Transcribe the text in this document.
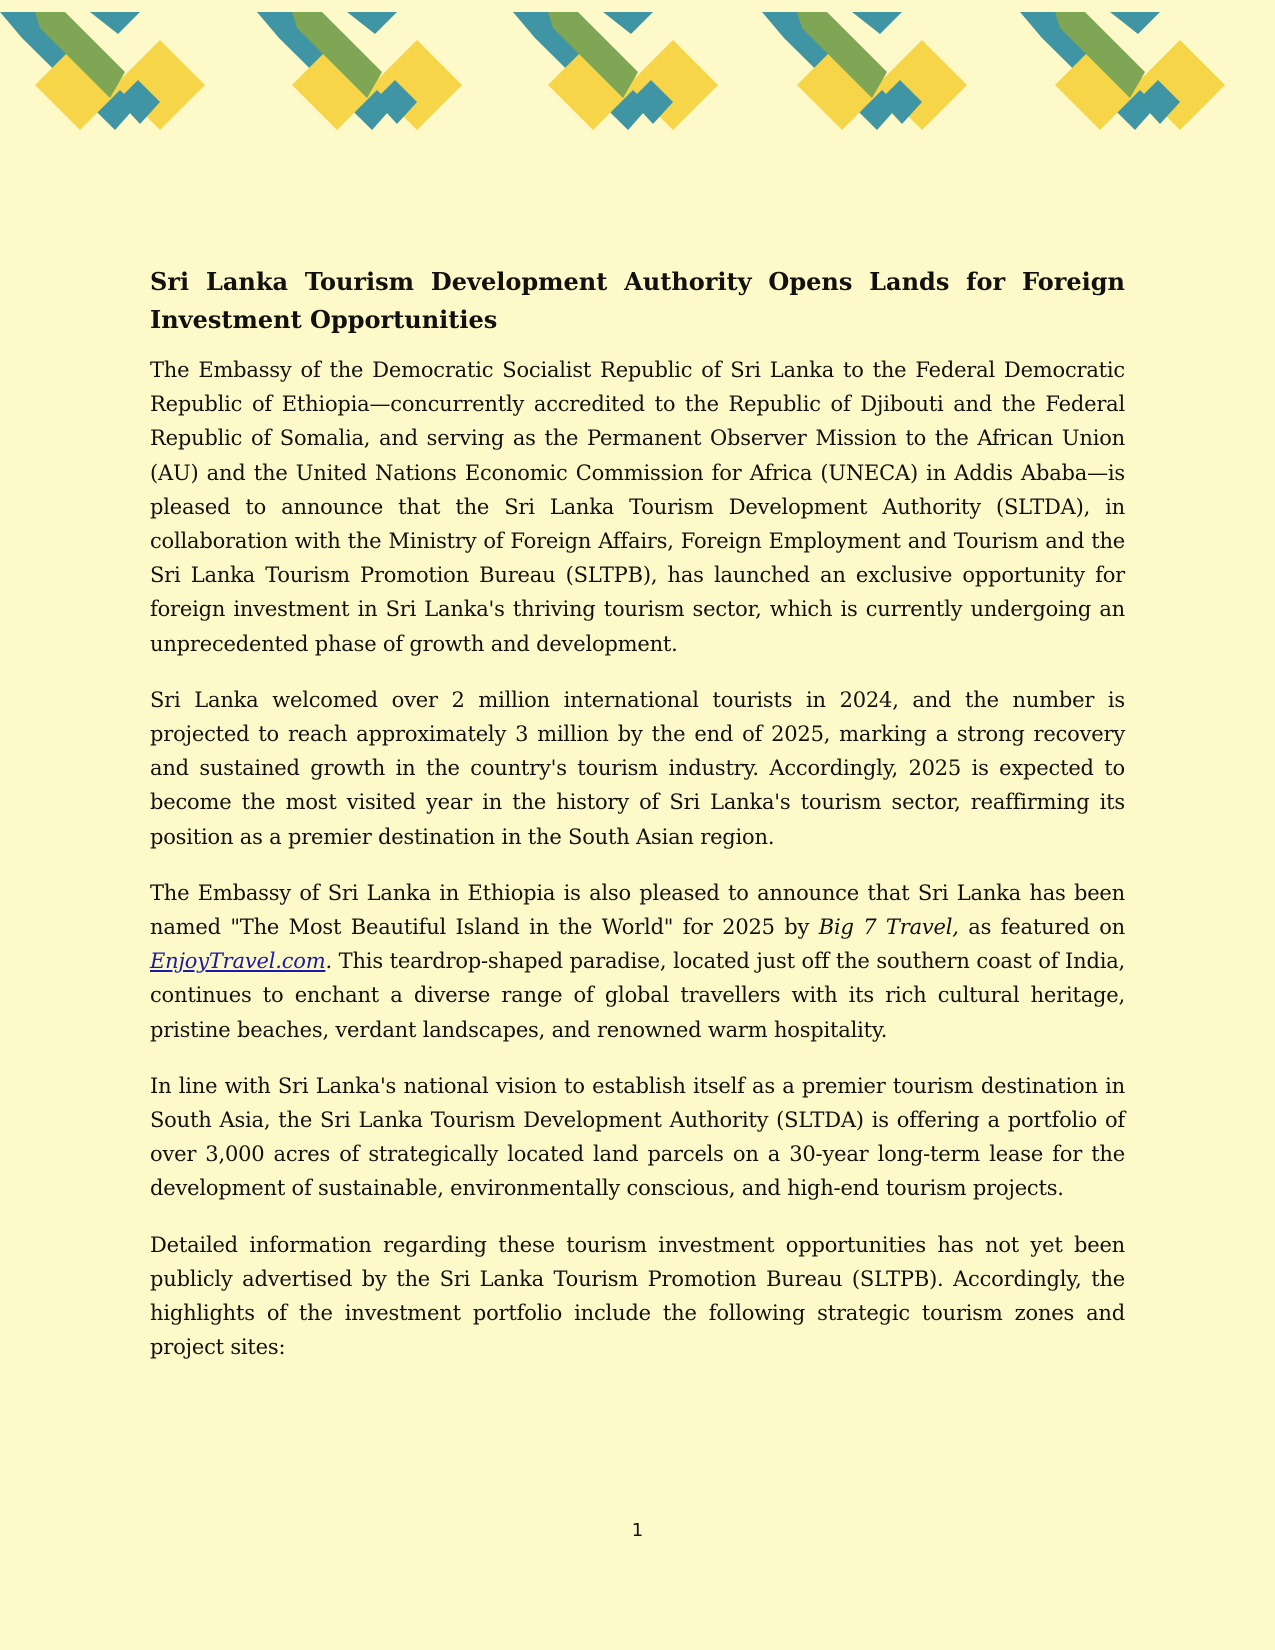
Sri Lanka Tourism Development Authority Opens Lands for Foreign Investment Opportunities

The Embassy of the Democratic Socialist Republic of Sri Lanka to the Federal Democratic Republic of Ethiopia—concurrently accredited to the Republic of Djibouti and the Federal Republic of Somalia, and serving as the Permanent Observer Mission to the African Union (AU) and the United Nations Economic Commission for Africa (UNECA) in Addis Ababa—is pleased to announce that the Sri Lanka Tourism Development Authority (SLTDA), in collaboration with the Ministry of Foreign Affairs, Foreign Employment and Tourism and the Sri Lanka Tourism Promotion Bureau (SLTPB), has launched an exclusive opportunity for foreign investment in Sri Lanka's thriving tourism sector, which is currently undergoing an unprecedented phase of growth and development.

Sri Lanka welcomed over 2 million international tourists in 2024, and the number is projected to reach approximately 3 million by the end of 2025, marking a strong recovery and sustained growth in the country's tourism industry. Accordingly, 2025 is expected to become the most visited year in the history of Sri Lanka's tourism sector, reaffirming its position as a premier destination in the South Asian region.

The Embassy of Sri Lanka in Ethiopia is also pleased to announce that Sri Lanka has been named "The Most Beautiful Island in the World" for 2025 by Big 7 Travel, as featured on EnjoyTravel.com. This teardrop-shaped paradise, located just off the southern coast of India, continues to enchant a diverse range of global travellers with its rich cultural heritage, pristine beaches, verdant landscapes, and renowned warm hospitality.

In line with Sri Lanka's national vision to establish itself as a premier tourism destination in South Asia, the Sri Lanka Tourism Development Authority (SLTDA) is offering a portfolio of over 3,000 acres of strategically located land parcels on a 30-year long-term lease for the development of sustainable, environmentally conscious, and high-end tourism projects.

Detailed information regarding these tourism investment opportunities has not yet been publicly advertised by the Sri Lanka Tourism Promotion Bureau (SLTPB). Accordingly, the highlights of the investment portfolio include the following strategic tourism zones and project sites:

1
